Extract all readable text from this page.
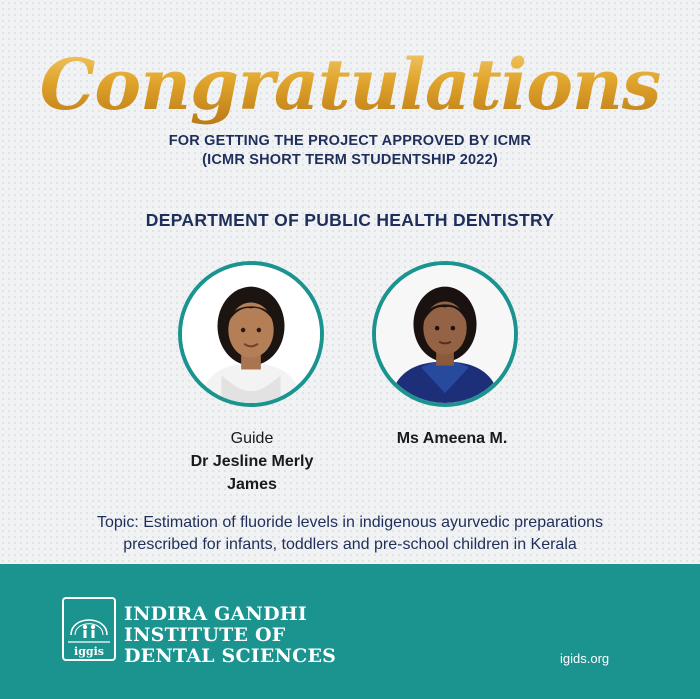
Congratulations
FOR GETTING THE PROJECT APPROVED BY ICMR
(ICMR SHORT TERM STUDENTSHIP 2022)
DEPARTMENT OF PUBLIC HEALTH DENTISTRY
Guide
Dr Jesline Merly
James
Ms Ameena M.
Topic: Estimation of fluoride levels in indigenous ayurvedic preparations
prescribed for infants, toddlers and pre-school children in Kerala
iggis
INDIRA GANDHI
INSTITUTE OF
DENTAL SCIENCES	igids.org
